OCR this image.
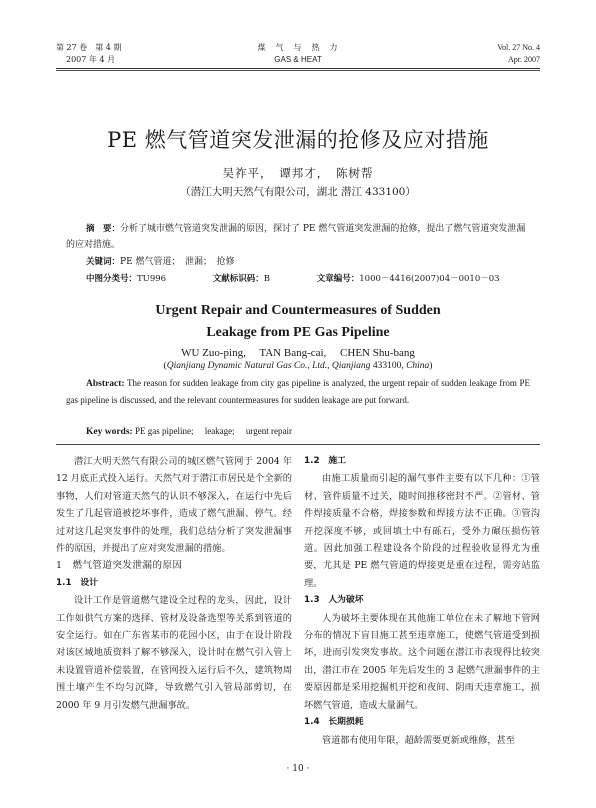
第 27 卷　第 4 期
2007 年 4 月
煤　气　与　热　力
GAS & HEAT
Vol. 27 No. 4
Apr. 2007
PE 燃气管道突发泄漏的抢修及应对措施
吴祚平，　谭邦才，　陈树帮
（潜江大明天然气有限公司，湖北 潜江 433100）
摘　要：分析了城市燃气管道突发泄漏的原因，探讨了 PE 燃气管道突发泄漏的抢修，提出了燃气管道突发泄漏的应对措施。
关键词：PE 燃气管道；　泄漏；　抢修
中图分类号：TU996	文献标识码：B	文章编号：1000－4416(2007)04－0010－03
Urgent Repair and Countermeasures of Sudden
Leakage from PE Gas Pipeline
WU Zuo-ping,　 TAN Bang-cai,　 CHEN Shu-bang
(Qianjiang Dynamic Natural Gas Co., Ltd., Qianjiang 433100, China)
Abstract: The reason for sudden leakage from city gas pipeline is analyzed, the urgent repair of sudden leakage from PE gas pipeline is discussed, and the relevant countermeasures for sudden leakage are put forward.
Key words: PE gas pipeline;　 leakage;　 urgent repair

潜江大明天然气有限公司的城区燃气管网于 2004 年 12 月底正式投入运行。天然气对于潜江市居民是个全新的事物，人们对管道天然气的认识不够深入，在运行中先后发生了几起管道被挖坏事件，造成了燃气泄漏、停气。经过对这几起突发事件的处理，我们总结分析了突发泄漏事件的原因，并提出了应对突发泄漏的措施。

1　燃气管道突发泄漏的原因

1.1　设计

设计工作是管道燃气建设全过程的龙头，因此，设计工作如供气方案的选择、管材及设备选型等关系到管道的安全运行。如在广东省某市的花园小区，由于在设计阶段对该区域地质资料了解不够深入，设计时在燃气引入管上未设置管道补偿装置，在管网投入运行后不久，建筑物周围土壤产生不均匀沉降，导致燃气引入管局部剪切，在 2000 年 9 月引发燃气泄漏事故。

1.2　施工

由施工质量而引起的漏气事件主要有以下几种：①管材、管件质量不过关，随时间推移密封不严。②管材、管件焊接质量不合格，焊接参数和焊接方法不正确。③管沟开挖深度不够，或回填土中有砾石，受外力碾压损伤管道。因此加强工程建设各个阶段的过程验收显得尤为重要，尤其是 PE 燃气管道的焊接更是重在过程，需旁站监理。

1.3　人为破坏

人为破坏主要体现在其他施工单位在未了解地下管网分布的情况下盲目施工甚至违章施工，使燃气管道受到损坏，进而引发突发事故。这个问题在潜江市表现得比较突出，潜江市在 2005 年先后发生的 3 起燃气泄漏事件的主要原因都是采用挖掘机开挖和夜间、阴雨天违章施工，损坏燃气管道，造成大量漏气。

1.4　长期损耗

管道都有使用年限，超龄需要更新或维修，甚至

· 10 ·
